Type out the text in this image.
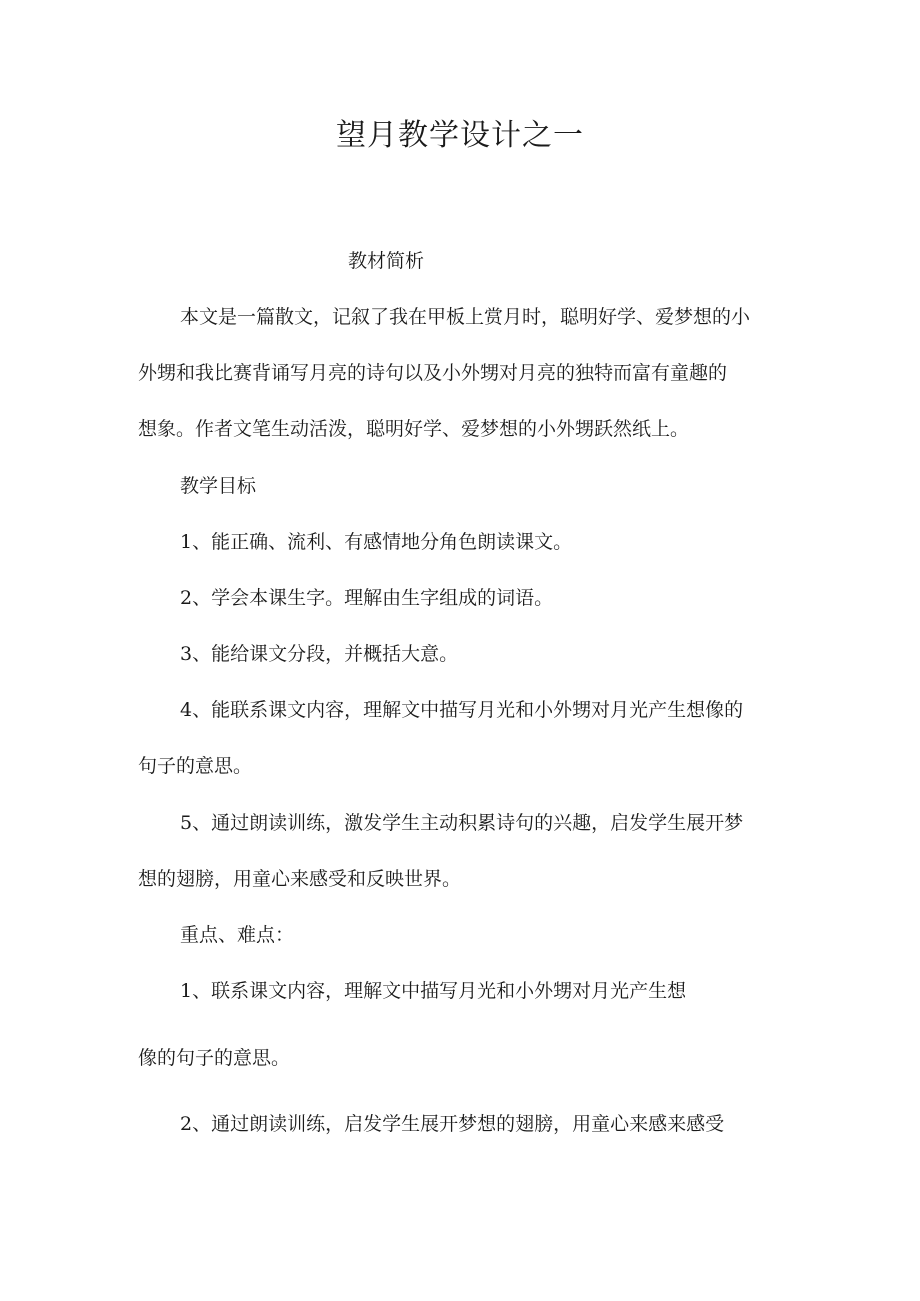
望月教学设计之一

教材简析

本文是一篇散文，记叙了我在甲板上赏月时，聪明好学、爱梦想的小

外甥和我比赛背诵写月亮的诗句以及小外甥对月亮的独特而富有童趣的

想象。作者文笔生动活泼，聪明好学、爱梦想的小外甥跃然纸上。

教学目标

1、能正确、流利、有感情地分角色朗读课文。

2、学会本课生字。理解由生字组成的词语。

3、能给课文分段，并概括大意。

4、能联系课文内容，理解文中描写月光和小外甥对月光产生想像的

句子的意思。

5、通过朗读训练，激发学生主动积累诗句的兴趣，启发学生展开梦

想的翅膀，用童心来感受和反映世界。

重点、难点：

1、联系课文内容，理解文中描写月光和小外甥对月光产生想

像的句子的意思。

2、通过朗读训练，启发学生展开梦想的翅膀，用童心来感来感受
